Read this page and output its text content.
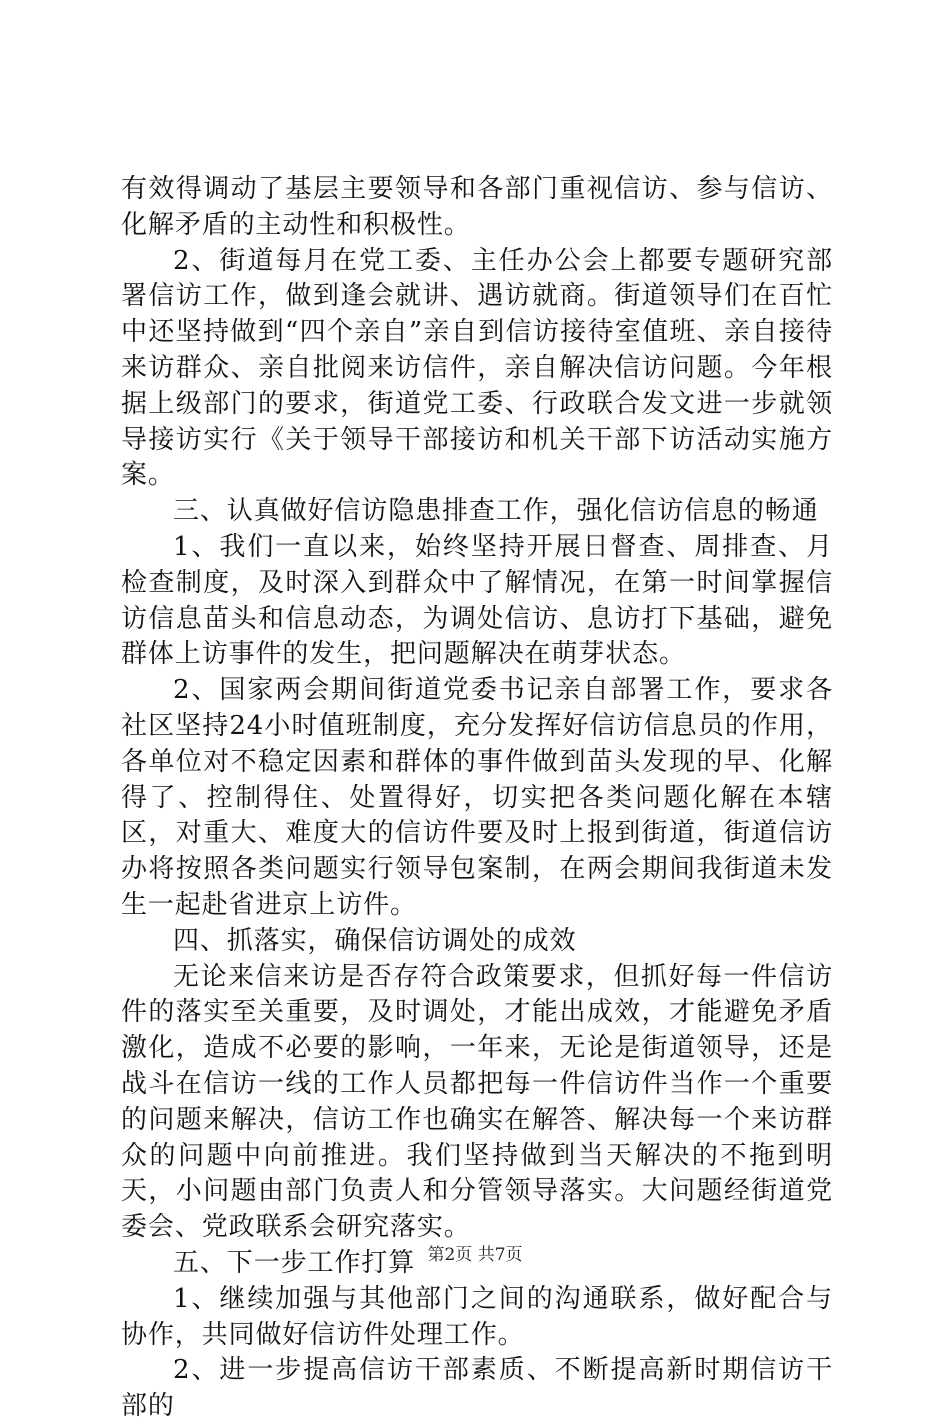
有效得调动了基层主要领导和各部门重视信访、参与信访、化解矛盾的主动性和积极性。

2、街道每月在党工委、主任办公会上都要专题研究部署信访工作，做到逢会就讲、遇访就商。街道领导们在百忙中还坚持做到“四个亲自”亲自到信访接待室值班、亲自接待来访群众、亲自批阅来访信件，亲自解决信访问题。今年根据上级部门的要求，街道党工委、行政联合发文进一步就领导接访实行《关于领导干部接访和机关干部下访活动实施方案。

三、认真做好信访隐患排查工作，强化信访信息的畅通

1、我们一直以来，始终坚持开展日督查、周排查、月检查制度，及时深入到群众中了解情况，在第一时间掌握信访信息苗头和信息动态，为调处信访、息访打下基础，避免群体上访事件的发生，把问题解决在萌芽状态。

2、国家两会期间街道党委书记亲自部署工作，要求各社区坚持24小时值班制度，充分发挥好信访信息员的作用，各单位对不稳定因素和群体的事件做到苗头发现的早、化解得了、控制得住、处置得好，切实把各类问题化解在本辖区，对重大、难度大的信访件要及时上报到街道，街道信访办将按照各类问题实行领导包案制，在两会期间我街道未发生一起赴省进京上访件。

四、抓落实，确保信访调处的成效

无论来信来访是否存符合政策要求，但抓好每一件信访件的落实至关重要，及时调处，才能出成效，才能避免矛盾激化，造成不必要的影响，一年来，无论是街道领导，还是战斗在信访一线的工作人员都把每一件信访件当作一个重要的问题来解决，信访工作也确实在解答、解决每一个来访群众的问题中向前推进。我们坚持做到当天解决的不拖到明天，小问题由部门负责人和分管领导落实。大问题经街道党委会、党政联系会研究落实。

五、下一步工作打算

1、继续加强与其他部门之间的沟通联系，做好配合与协作，共同做好信访件处理工作。

2、进一步提高信访干部素质、不断提高新时期信访干部的

第2页 共7页
